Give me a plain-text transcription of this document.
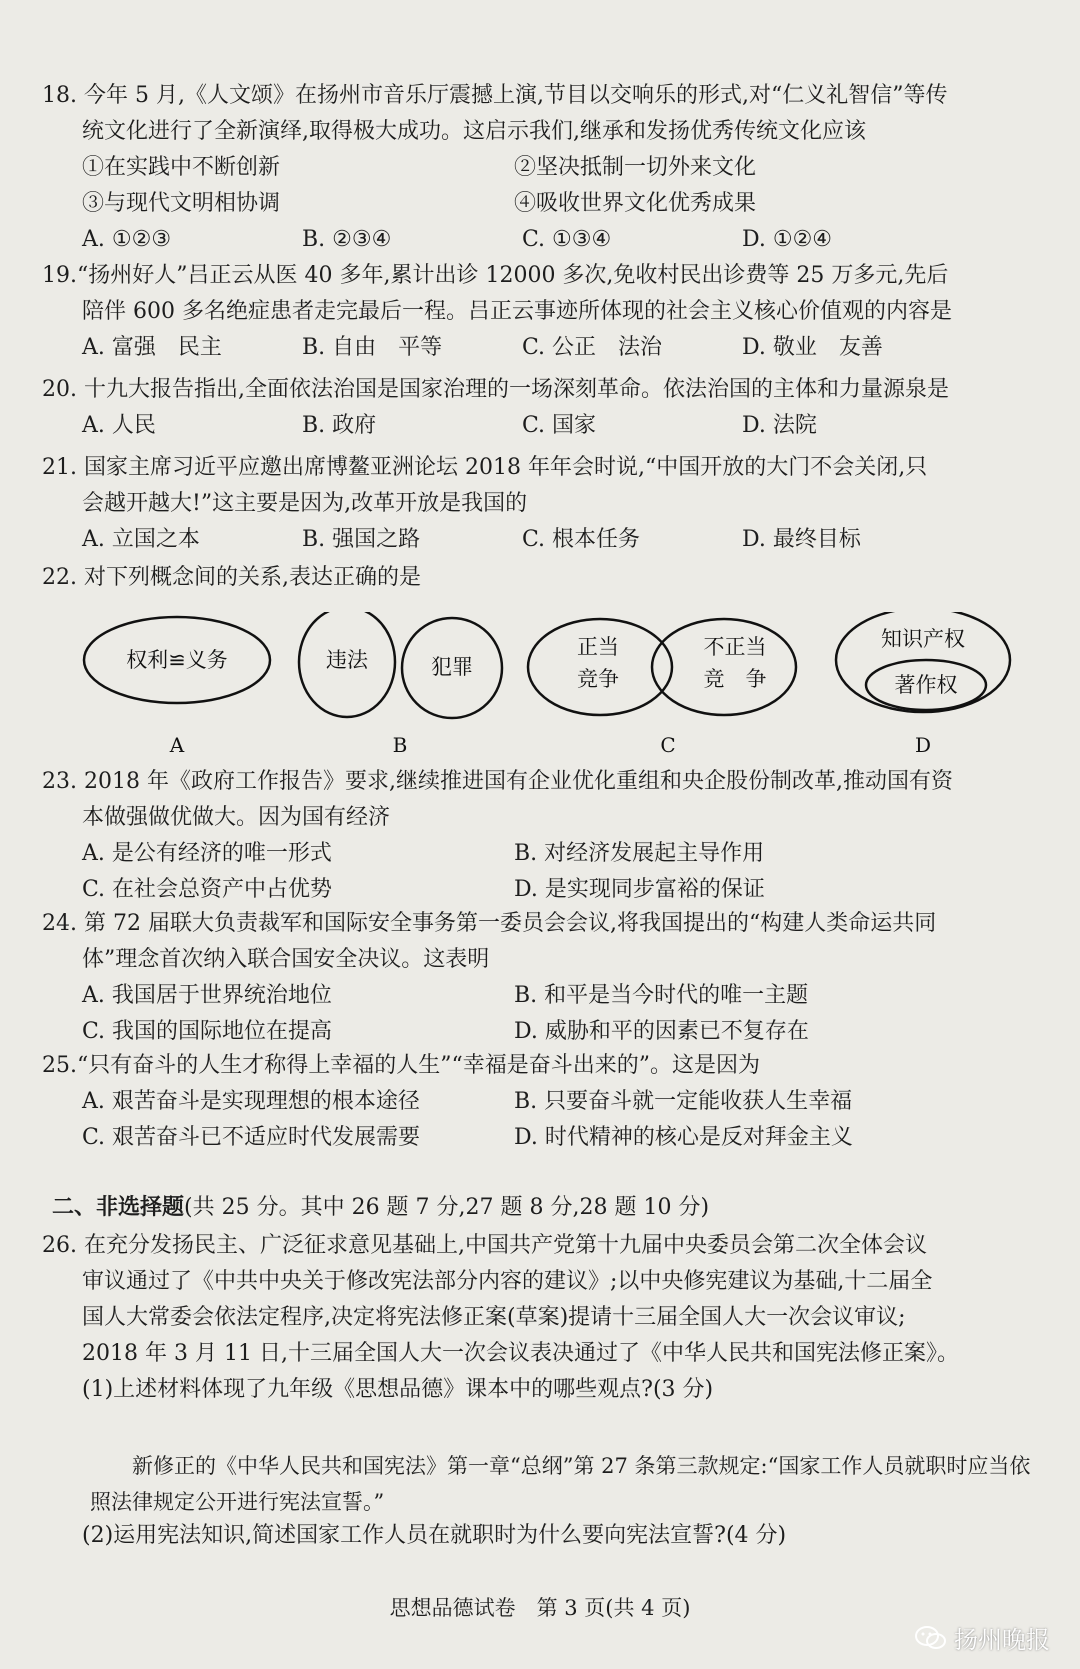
18. 今年 5 月,《人文颂》在扬州市音乐厅震撼上演,节目以交响乐的形式,对“仁义礼智信”等传

统文化进行了全新演绎,取得极大成功。这启示我们,继承和发扬优秀传统文化应该

①在实践中不断创新	②坚决抵制一切外来文化
③与现代文明相协调	④吸收世界文化优秀成果
A. ①②③	B. ②③④	C. ①③④	D. ①②④

19.“扬州好人”吕正云从医 40 多年,累计出诊 12000 多次,免收村民出诊费等 25 万多元,先后

陪伴 600 多名绝症患者走完最后一程。吕正云事迹所体现的社会主义核心价值观的内容是

A. 富强　民主	B. 自由　平等	C. 公正　法治	D. 敬业　友善

20. 十九大报告指出,全面依法治国是国家治理的一场深刻革命。依法治国的主体和力量源泉是

A. 人民	B. 政府	C. 国家	D. 法院

21. 国家主席习近平应邀出席博鳌亚洲论坛 2018 年年会时说,“中国开放的大门不会关闭,只

会越开越大!”这主要是因为,改革开放是我国的

A. 立国之本	B. 强国之路	C. 根本任务	D. 最终目标

22. 对下列概念间的关系,表达正确的是

权利≌义务
A
违法	犯罪
B
正当
竞争
不正当
竞　争
C
知识产权
著作权
D

23. 2018 年《政府工作报告》要求,继续推进国有企业优化重组和央企股份制改革,推动国有资

本做强做优做大。因为国有经济

A. 是公有经济的唯一形式	B. 对经济发展起主导作用
C. 在社会总资产中占优势	D. 是实现同步富裕的保证

24. 第 72 届联大负责裁军和国际安全事务第一委员会会议,将我国提出的“构建人类命运共同

体”理念首次纳入联合国安全决议。这表明

A. 我国居于世界统治地位	B. 和平是当今时代的唯一主题
C. 我国的国际地位在提高	D. 威胁和平的因素已不复存在

25.“只有奋斗的人生才称得上幸福的人生”“幸福是奋斗出来的”。这是因为

A. 艰苦奋斗是实现理想的根本途径	B. 只要奋斗就一定能收获人生幸福
C. 艰苦奋斗已不适应时代发展需要	D. 时代精神的核心是反对拜金主义
二、非选择题(共 25 分。其中 26 题 7 分,27 题 8 分,28 题 10 分)

26. 在充分发扬民主、广泛征求意见基础上,中国共产党第十九届中央委员会第二次全体会议

审议通过了《中共中央关于修改宪法部分内容的建议》;以中央修宪建议为基础,十二届全

国人大常委会依法定程序,决定将宪法修正案(草案)提请十三届全国人大一次会议审议;

2018 年 3 月 11 日,十三届全国人大一次会议表决通过了《中华人民共和国宪法修正案》。

(1)上述材料体现了九年级《思想品德》课本中的哪些观点?(3 分)

新修正的《中华人民共和国宪法》第一章“总纲”第 27 条第三款规定:“国家工作人员就职时应当依照法律规定公开进行宪法宣誓。”

(2)运用宪法知识,简述国家工作人员在就职时为什么要向宪法宣誓?(4 分)

思想品德试卷　第 3 页(共 4 页)
扬州晚报
